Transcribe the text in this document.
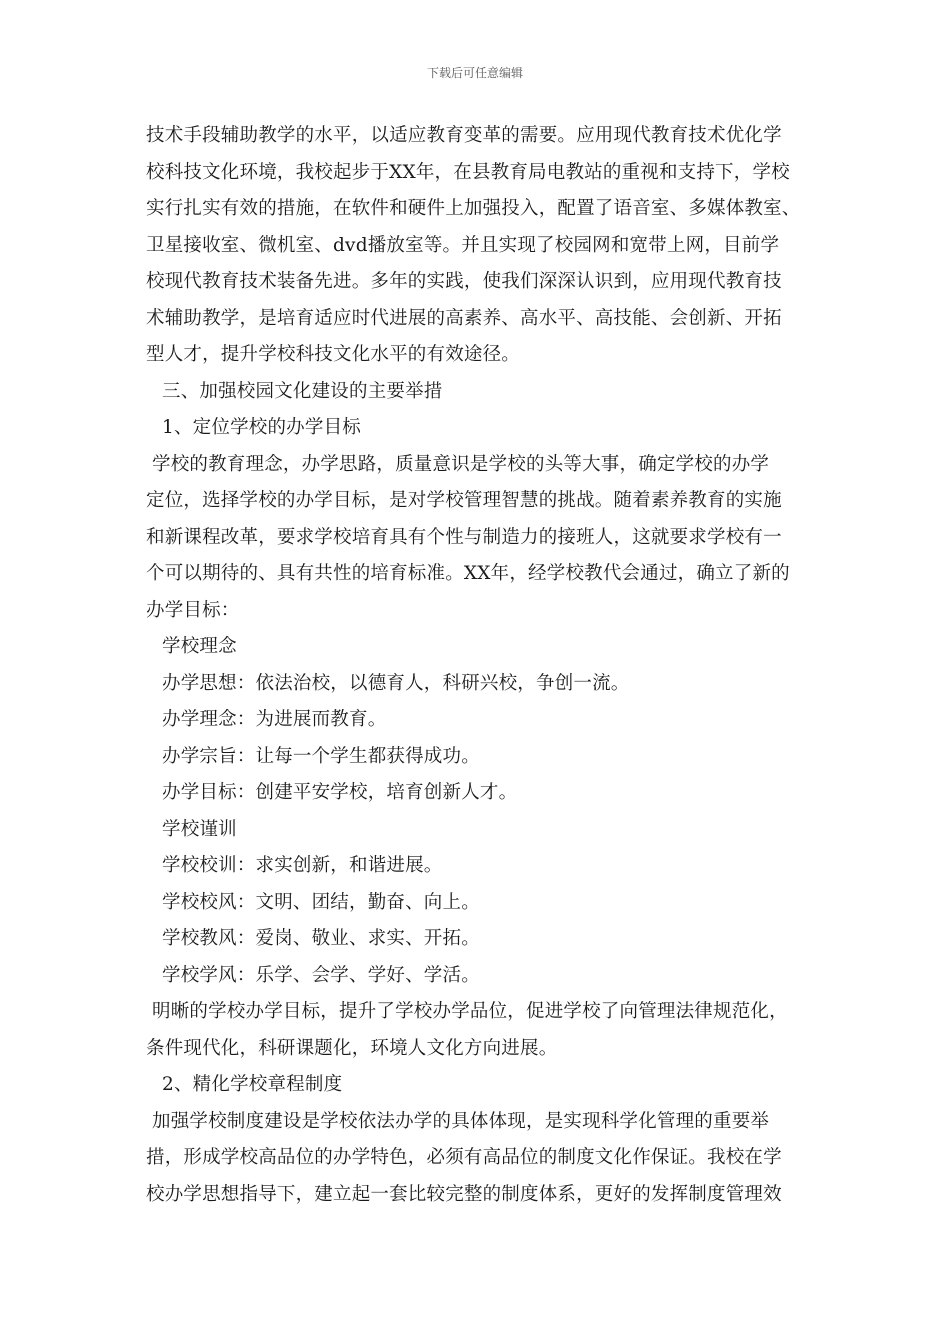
下载后可任意编辑
技术手段辅助教学的水平，以适应教育变革的需要。应用现代教育技术优化学
校科技文化环境，我校起步于XX年，在县教育局电教站的重视和支持下，学校
实行扎实有效的措施，在软件和硬件上加强投入，配置了语音室、多媒体教室、
卫星接收室、微机室、dvd播放室等。并且实现了校园网和宽带上网，目前学
校现代教育技术装备先进。多年的实践，使我们深深认识到，应用现代教育技
术辅助教学，是培育适应时代进展的高素养、高水平、高技能、会创新、开拓
型人才，提升学校科技文化水平的有效途径。
三、加强校园文化建设的主要举措
1、定位学校的办学目标
学校的教育理念，办学思路，质量意识是学校的头等大事，确定学校的办学
定位，选择学校的办学目标，是对学校管理智慧的挑战。随着素养教育的实施
和新课程改革，要求学校培育具有个性与制造力的接班人，这就要求学校有一
个可以期待的、具有共性的培育标准。XX年，经学校教代会通过，确立了新的
办学目标：
学校理念
办学思想：依法治校，以德育人，科研兴校，争创一流。
办学理念：为进展而教育。
办学宗旨：让每一个学生都获得成功。
办学目标：创建平安学校，培育创新人才。
学校谨训
学校校训：求实创新，和谐进展。
学校校风：文明、团结，勤奋、向上。
学校教风：爱岗、敬业、求实、开拓。
学校学风：乐学、会学、学好、学活。
明晰的学校办学目标，提升了学校办学品位，促进学校了向管理法律规范化，
条件现代化，科研课题化，环境人文化方向进展。
2、精化学校章程制度
加强学校制度建设是学校依法办学的具体体现，是实现科学化管理的重要举
措，形成学校高品位的办学特色，必须有高品位的制度文化作保证。我校在学
校办学思想指导下，建立起一套比较完整的制度体系，更好的发挥制度管理效
